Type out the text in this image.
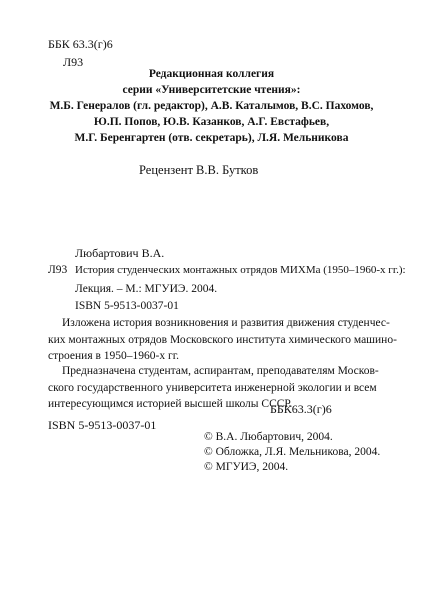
ББК 63.3(г)6
Л93
Редакционная коллегия
серии «Университетские чтения»:
М.Б. Генералов (гл. редактор), А.В. Каталымов, В.С. Пахомов,
Ю.П. Попов, Ю.В. Казанков, А.Г. Евстафьев,
М.Г. Беренгартен (отв. секретарь), Л.Я. Мельникова
Рецензент В.В. Бутков
Любартович В.А.
Л93 История студенческих монтажных отрядов МИХМа (1950–1960-х гг.):
Лекция. – М.: МГУИЭ. 2004.
ISBN 5-9513-0037-01
Изложена история возникновения и развития движения студенчес-
ких монтажных отрядов Московского института химического машино-
строения в 1950–1960-х гг.
Предназначена студентам, аспирантам, преподавателям Москов-
ского государственного университета инженерной экологии и всем
интересующимся историей высшей школы СССР.
ББК63.3(г)6
ISBN 5-9513-0037-01
© В.А. Любартович, 2004.
© Обложка, Л.Я. Мельникова, 2004.
© МГУИЭ, 2004.
